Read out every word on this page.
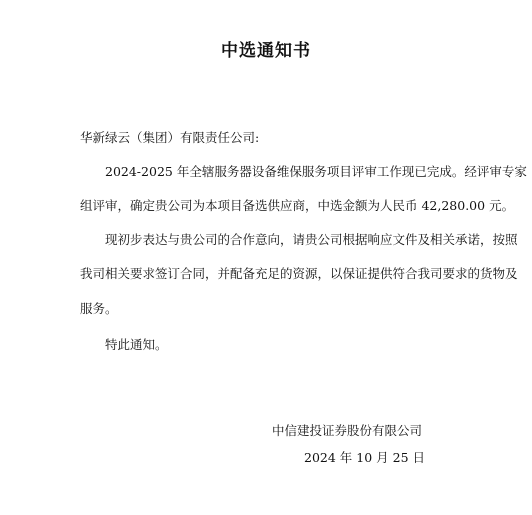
中选通知书
华新绿云（集团）有限责任公司:
2024-2025 年全辖服务器设备维保服务项目评审工作现已完成。经评审专家
组评审，确定贵公司为本项目备选供应商，中选金额为人民币 42,280.00 元。
现初步表达与贵公司的合作意向，请贵公司根据响应文件及相关承诺，按照
我司相关要求签订合同，并配备充足的资源，以保证提供符合我司要求的货物及
服务。
特此通知。
中信建投证券股份有限公司
2024 年 10 月 25 日
